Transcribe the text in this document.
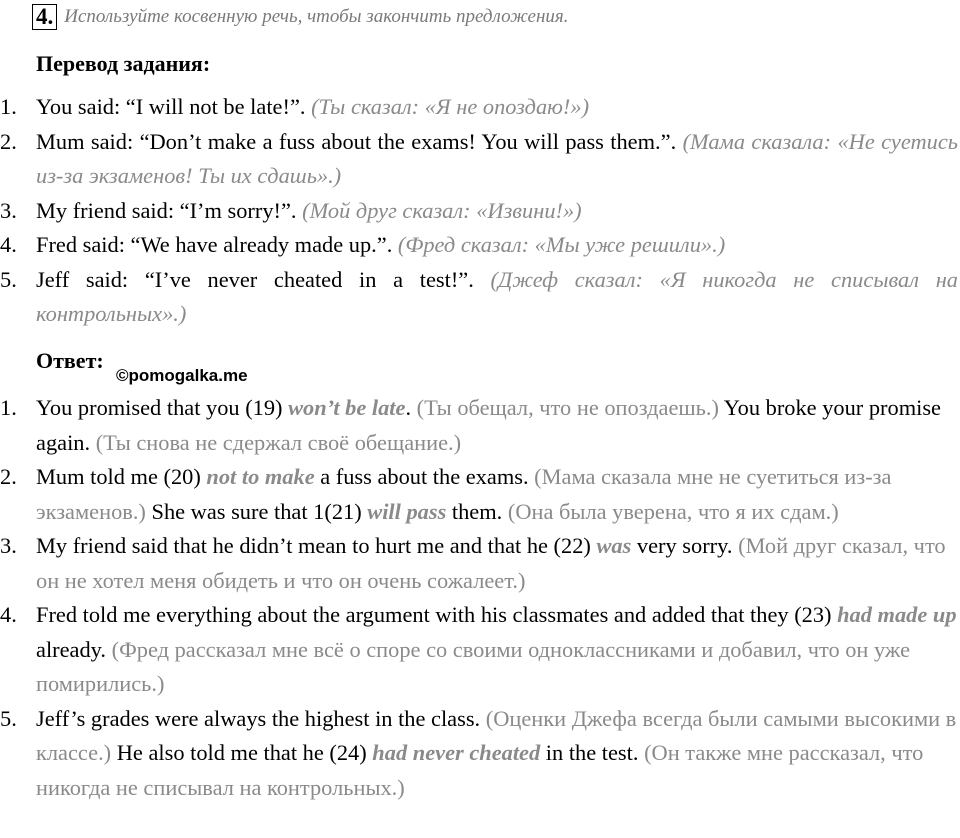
4. Используйте косвенную речь, чтобы закончить предложения.
Перевод задания:
1. You said: “I will not be late!”. (Ты сказал: «Я не опоздаю!»)
2. Mum said: “Don’t make a fuss about the exams! You will pass them.”. (Мама сказала: «Не суетись из-за экзаменов! Ты их сдашь».)
3. My friend said: “I’m sorry!”. (Мой друг сказал: «Извини!»)
4. Fred said: “We have already made up.”. (Фред сказал: «Мы уже решили».)
5. Jeff said: “I’ve never cheated in a test!”. (Джеф сказал: «Я никогда не списывал на контрольных».)
Ответ:
©pomogalka.me
1. You promised that you (19) won’t be late. (Ты обещал, что не опоздаешь.) You broke your promise again. (Ты снова не сдержал своё обещание.)
2. Mum told me (20) not to make a fuss about the exams. (Мама сказала мне не суетиться из-за экзаменов.) She was sure that 1(21) will pass them. (Она была уверена, что я их сдам.)
3. My friend said that he didn’t mean to hurt me and that he (22) was very sorry. (Мой друг сказал, что он не хотел меня обидеть и что он очень сожалеет.)
4. Fred told me everything about the argument with his classmates and added that they (23) had made up already. (Фред рассказал мне всё о споре со своими одноклассниками и добавил, что он уже помирились.)
5. Jeff’s grades were always the highest in the class. (Оценки Джефа всегда были самыми высокими в классе.) He also told me that he (24) had never cheated in the test. (Он также мне рассказал, что никогда не списывал на контрольных.)
